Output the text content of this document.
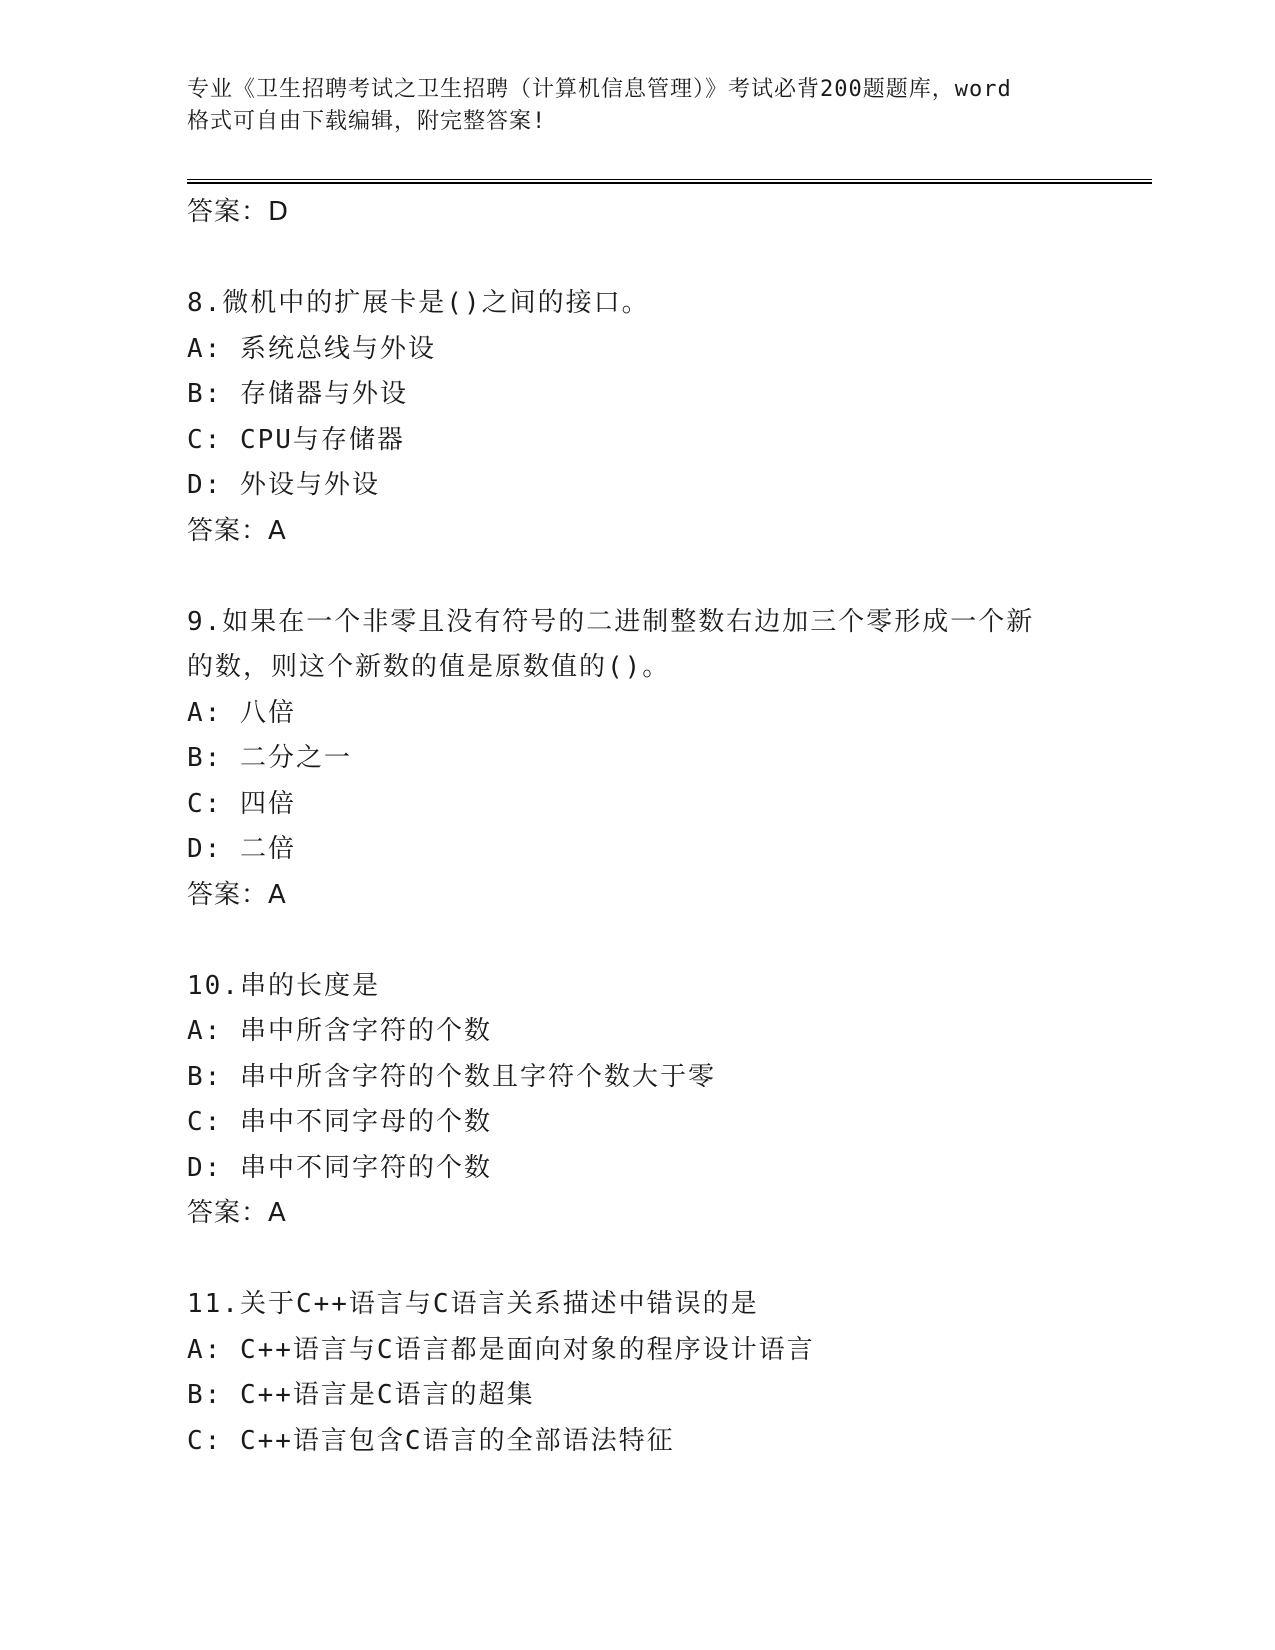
专业《卫生招聘考试之卫生招聘（计算机信息管理）》考试必背200题题库，word
格式可自由下载编辑，附完整答案!
答案：D
8.微机中的扩展卡是()之间的接口。
A: 系统总线与外设
B: 存储器与外设
C: CPU与存储器
D: 外设与外设
答案：A
9.如果在一个非零且没有符号的二进制整数右边加三个零形成一个新
的数，则这个新数的值是原数值的()。
A: 八倍
B: 二分之一
C: 四倍
D: 二倍
答案：A
10.串的长度是
A: 串中所含字符的个数
B: 串中所含字符的个数且字符个数大于零
C: 串中不同字母的个数
D: 串中不同字符的个数
答案：A
11.关于C++语言与C语言关系描述中错误的是
A: C++语言与C语言都是面向对象的程序设计语言
B: C++语言是C语言的超集
C: C++语言包含C语言的全部语法特征
